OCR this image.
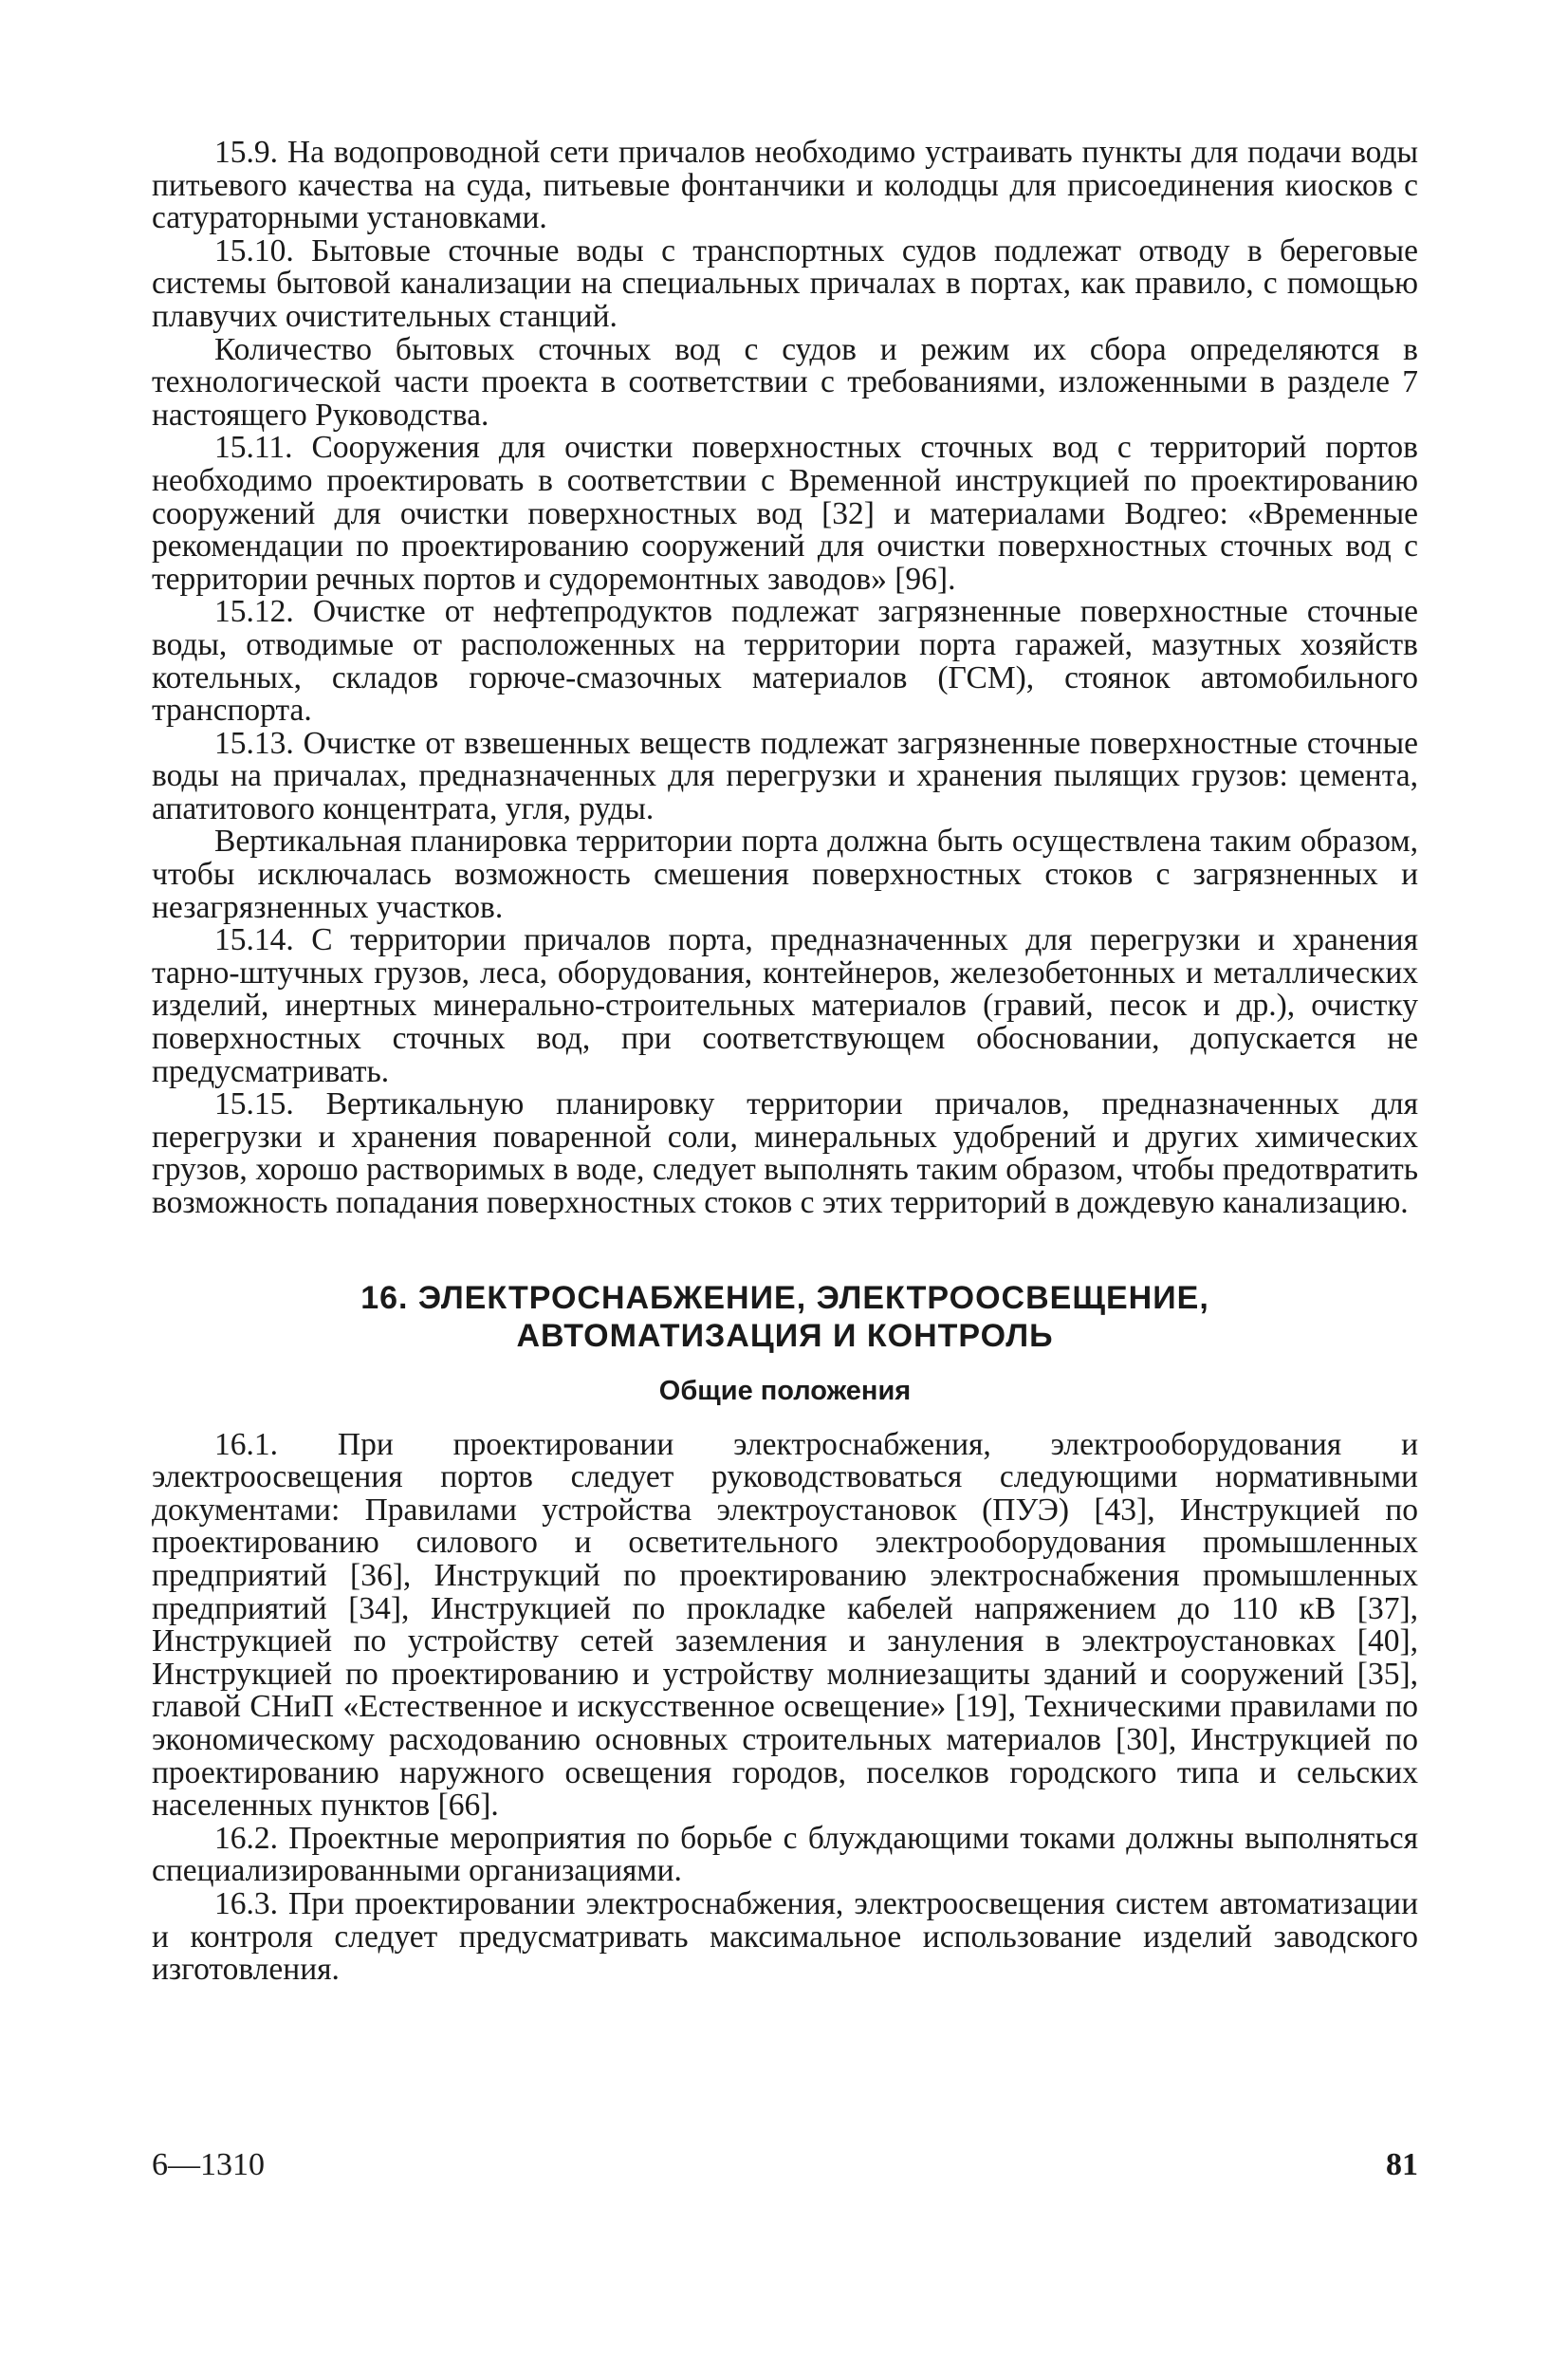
15.9. На водопроводной сети причалов необходимо устраивать пункты для подачи воды питьевого качества на суда, питьевые фонтанчики и колодцы для присоединения киосков с сатураторными установками.

15.10. Бытовые сточные воды с транспортных судов подлежат отводу в береговые системы бытовой канализации на специальных причалах в портах, как правило, с помощью плавучих очистительных станций.

Количество бытовых сточных вод с судов и режим их сбора определяются в технологической части проекта в соответствии с требованиями, изложенными в разделе 7 настоящего Руководства.

15.11. Сооружения для очистки поверхностных сточных вод с территорий портов необходимо проектировать в соответствии с Временной инструкцией по проектированию сооружений для очистки поверхностных вод [32] и материалами Водгео: «Временные рекомендации по проектированию сооружений для очистки поверхностных сточных вод с территории речных портов и судоремонтных заводов» [96].

15.12. Очистке от нефтепродуктов подлежат загрязненные поверхностные сточные воды, отводимые от расположенных на территории порта гаражей, мазутных хозяйств котельных, складов горюче-смазочных материалов (ГСМ), стоянок автомобильного транспорта.

15.13. Очистке от взвешенных веществ подлежат загрязненные поверхностные сточные воды на причалах, предназначенных для перегрузки и хранения пылящих грузов: цемента, апатитового концентрата, угля, руды.

Вертикальная планировка территории порта должна быть осуществлена таким образом, чтобы исключалась возможность смешения поверхностных стоков с загрязненных и незагрязненных участков.

15.14. С территории причалов порта, предназначенных для перегрузки и хранения тарно-штучных грузов, леса, оборудования, контейнеров, железобетонных и металлических изделий, инертных минерально-строительных материалов (гравий, песок и др.), очистку поверхностных сточных вод, при соответствующем обосновании, допускается не предусматривать.

15.15. Вертикальную планировку территории причалов, предназначенных для перегрузки и хранения поваренной соли, минеральных удобрений и других химических грузов, хорошо растворимых в воде, следует выполнять таким образом, чтобы предотвратить возможность попадания поверхностных стоков с этих территорий в дождевую канализацию.

16. ЭЛЕКТРОСНАБЖЕНИЕ, ЭЛЕКТРООСВЕЩЕНИЕ,
АВТОМАТИЗАЦИЯ И КОНТРОЛЬ
Общие положения

16.1. При проектировании электроснабжения, электрооборудования и электроосвещения портов следует руководствоваться следующими нормативными документами: Правилами устройства электроустановок (ПУЭ) [43], Инструкцией по проектированию силового и осветительного электрооборудования промышленных предприятий [36], Инструкций по проектированию электроснабжения промышленных предприятий [34], Инструкцией по прокладке кабелей напряжением до 110 кВ [37], Инструкцией по устройству сетей заземления и зануления в электроустановках [40], Инструкцией по проектированию и устройству молниезащиты зданий и сооружений [35], главой СНиП «Естественное и искусственное освещение» [19], Техническими правилами по экономическому расходованию основных строительных материалов [30], Инструкцией по проектированию наружного освещения городов, поселков городского типа и сельских населенных пунктов [66].

16.2. Проектные мероприятия по борьбе с блуждающими токами должны выполняться специализированными организациями.

16.3. При проектировании электроснабжения, электроосвещения систем автоматизации и контроля следует предусматривать максимальное использование изделий заводского изготовления.

6—1310	81
